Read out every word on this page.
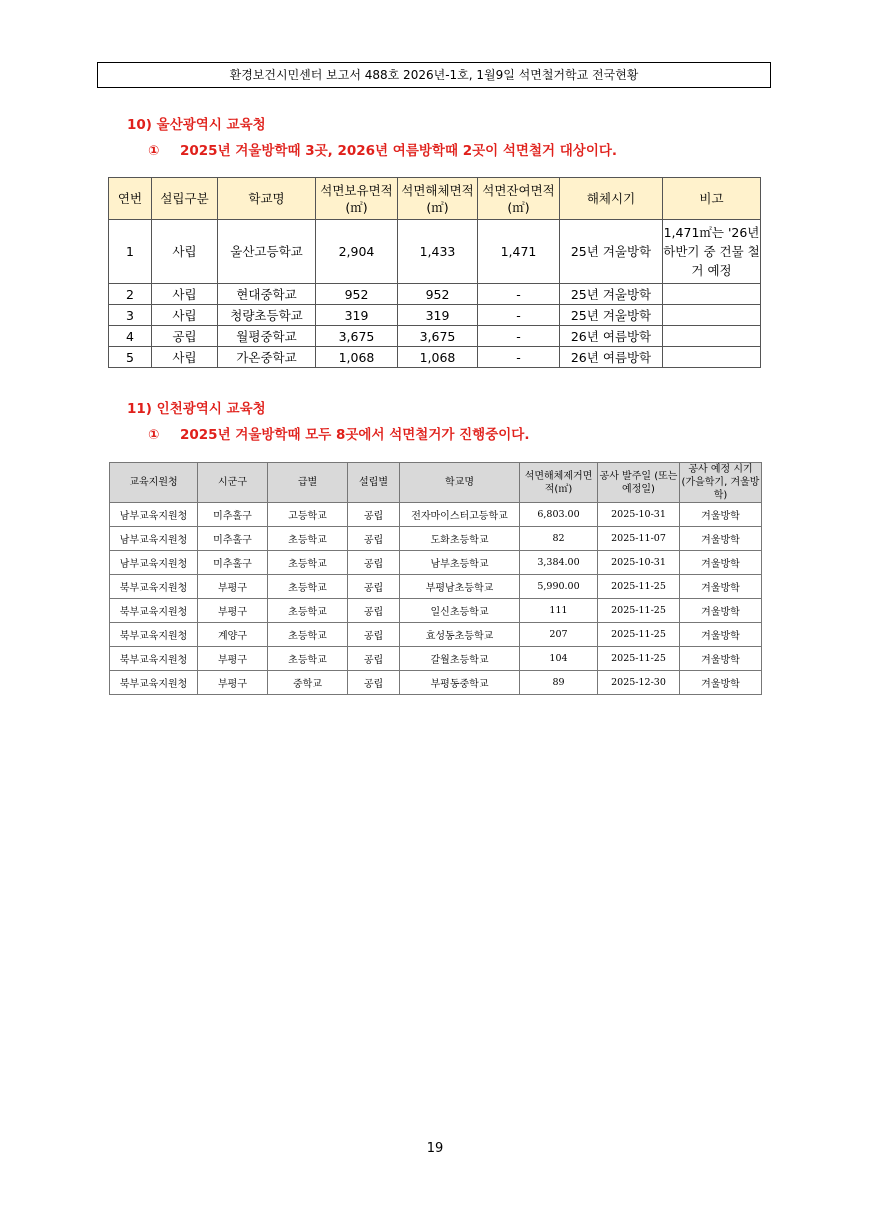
환경보건시민센터 보고서 488호 2026년-1호, 1월9일 석면철거학교 전국현황
10) 울산광역시 교육청
① 2025년 겨울방학때 3곳, 2026년 여름방학때 2곳이 석면철거 대상이다.
연번	설립구분	학교명	석면보유면적(㎡)	석면해체면적(㎡)	석면잔여면적(㎡)	해체시기	비고
1	사립	울산고등학교	2,904	1,433	1,471	25년 겨울방학	1,471㎡는 '26년 하반기 중 건물 철거 예정
2	사립	현대중학교	952	952	-	25년 겨울방학	
3	사립	청량초등학교	319	319	-	25년 겨울방학	
4	공립	월평중학교	3,675	3,675	-	26년 여름방학	
5	사립	가온중학교	1,068	1,068	-	26년 여름방학	
11) 인천광역시 교육청
① 2025년 겨울방학때 모두 8곳에서 석면철거가 진행중이다.
교육지원청	시군구	급별	설립별	학교명	석면해체제거면적(㎡)	공사 발주일 (또는 예정일)	공사 예정 시기 (가을학기, 겨울방학)
남부교육지원청	미추홀구	고등학교	공립	전자마이스터고등학교	6,803.00	2025-10-31	겨울방학
남부교육지원청	미추홀구	초등학교	공립	도화초등학교	82	2025-11-07	겨울방학
남부교육지원청	미추홀구	초등학교	공립	남부초등학교	3,384.00	2025-10-31	겨울방학
북부교육지원청	부평구	초등학교	공립	부평남초등학교	5,990.00	2025-11-25	겨울방학
북부교육지원청	부평구	초등학교	공립	일신초등학교	111	2025-11-25	겨울방학
북부교육지원청	계양구	초등학교	공립	효성동초등학교	207	2025-11-25	겨울방학
북부교육지원청	부평구	초등학교	공립	갈월초등학교	104	2025-11-25	겨울방학
북부교육지원청	부평구	중학교	공립	부평동중학교	89	2025-12-30	겨울방학
19
